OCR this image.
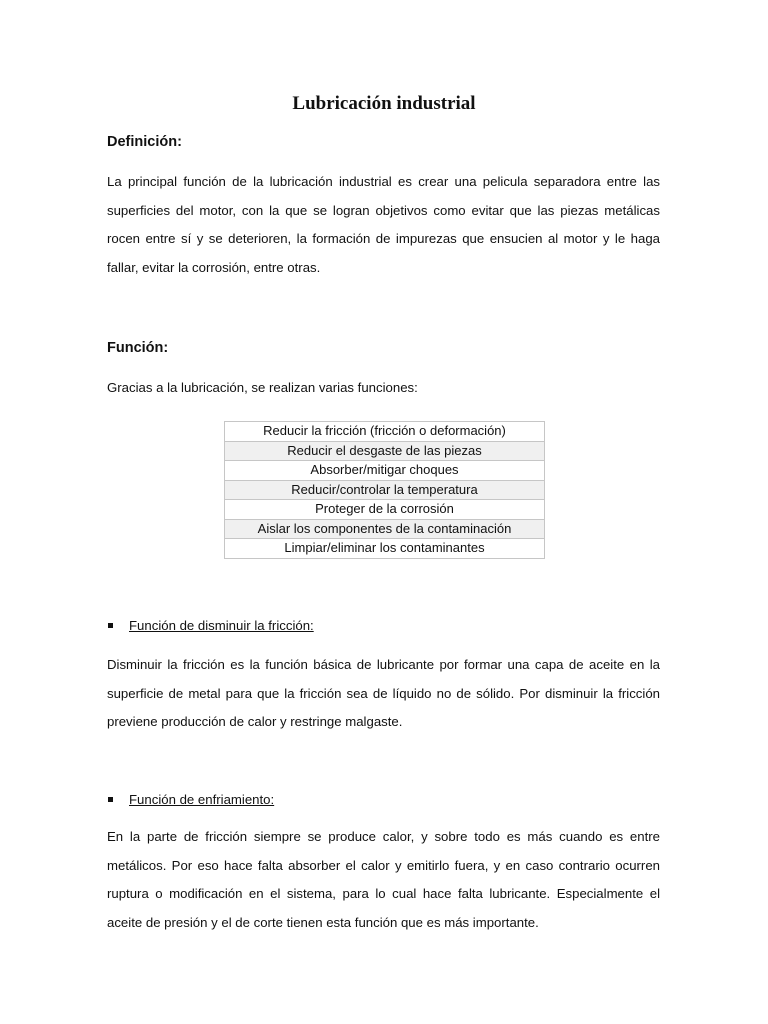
Lubricación industrial
Definición:
La principal función de la lubricación industrial es crear una pelicula separadora entre las superficies del motor, con la que se logran objetivos como evitar que las piezas metálicas rocen entre sí y se deterioren, la formación de impurezas que ensucien al motor y le haga fallar, evitar la corrosión, entre otras.
Función:
Gracias a la lubricación, se realizan varias funciones:
Reducir la fricción (fricción o deformación)
Reducir el desgaste de las piezas
Absorber/mitigar choques
Reducir/controlar la temperatura
Proteger de la corrosión
Aislar los componentes de la contaminación
Limpiar/eliminar los contaminantes
Función de disminuir la fricción:
Disminuir la fricción es la función básica de lubricante por formar una capa de aceite en la superficie de metal para que la fricción sea de líquido no de sólido. Por disminuir la fricción previene producción de calor y restringe malgaste.
Función de enfriamiento:
En la parte de fricción siempre se produce calor, y sobre todo es más cuando es entre metálicos. Por eso hace falta absorber el calor y emitirlo fuera, y en caso contrario ocurren ruptura o modificación en el sistema, para lo cual hace falta lubricante. Especialmente el aceite de presión y el de corte tienen esta función que es más importante.
